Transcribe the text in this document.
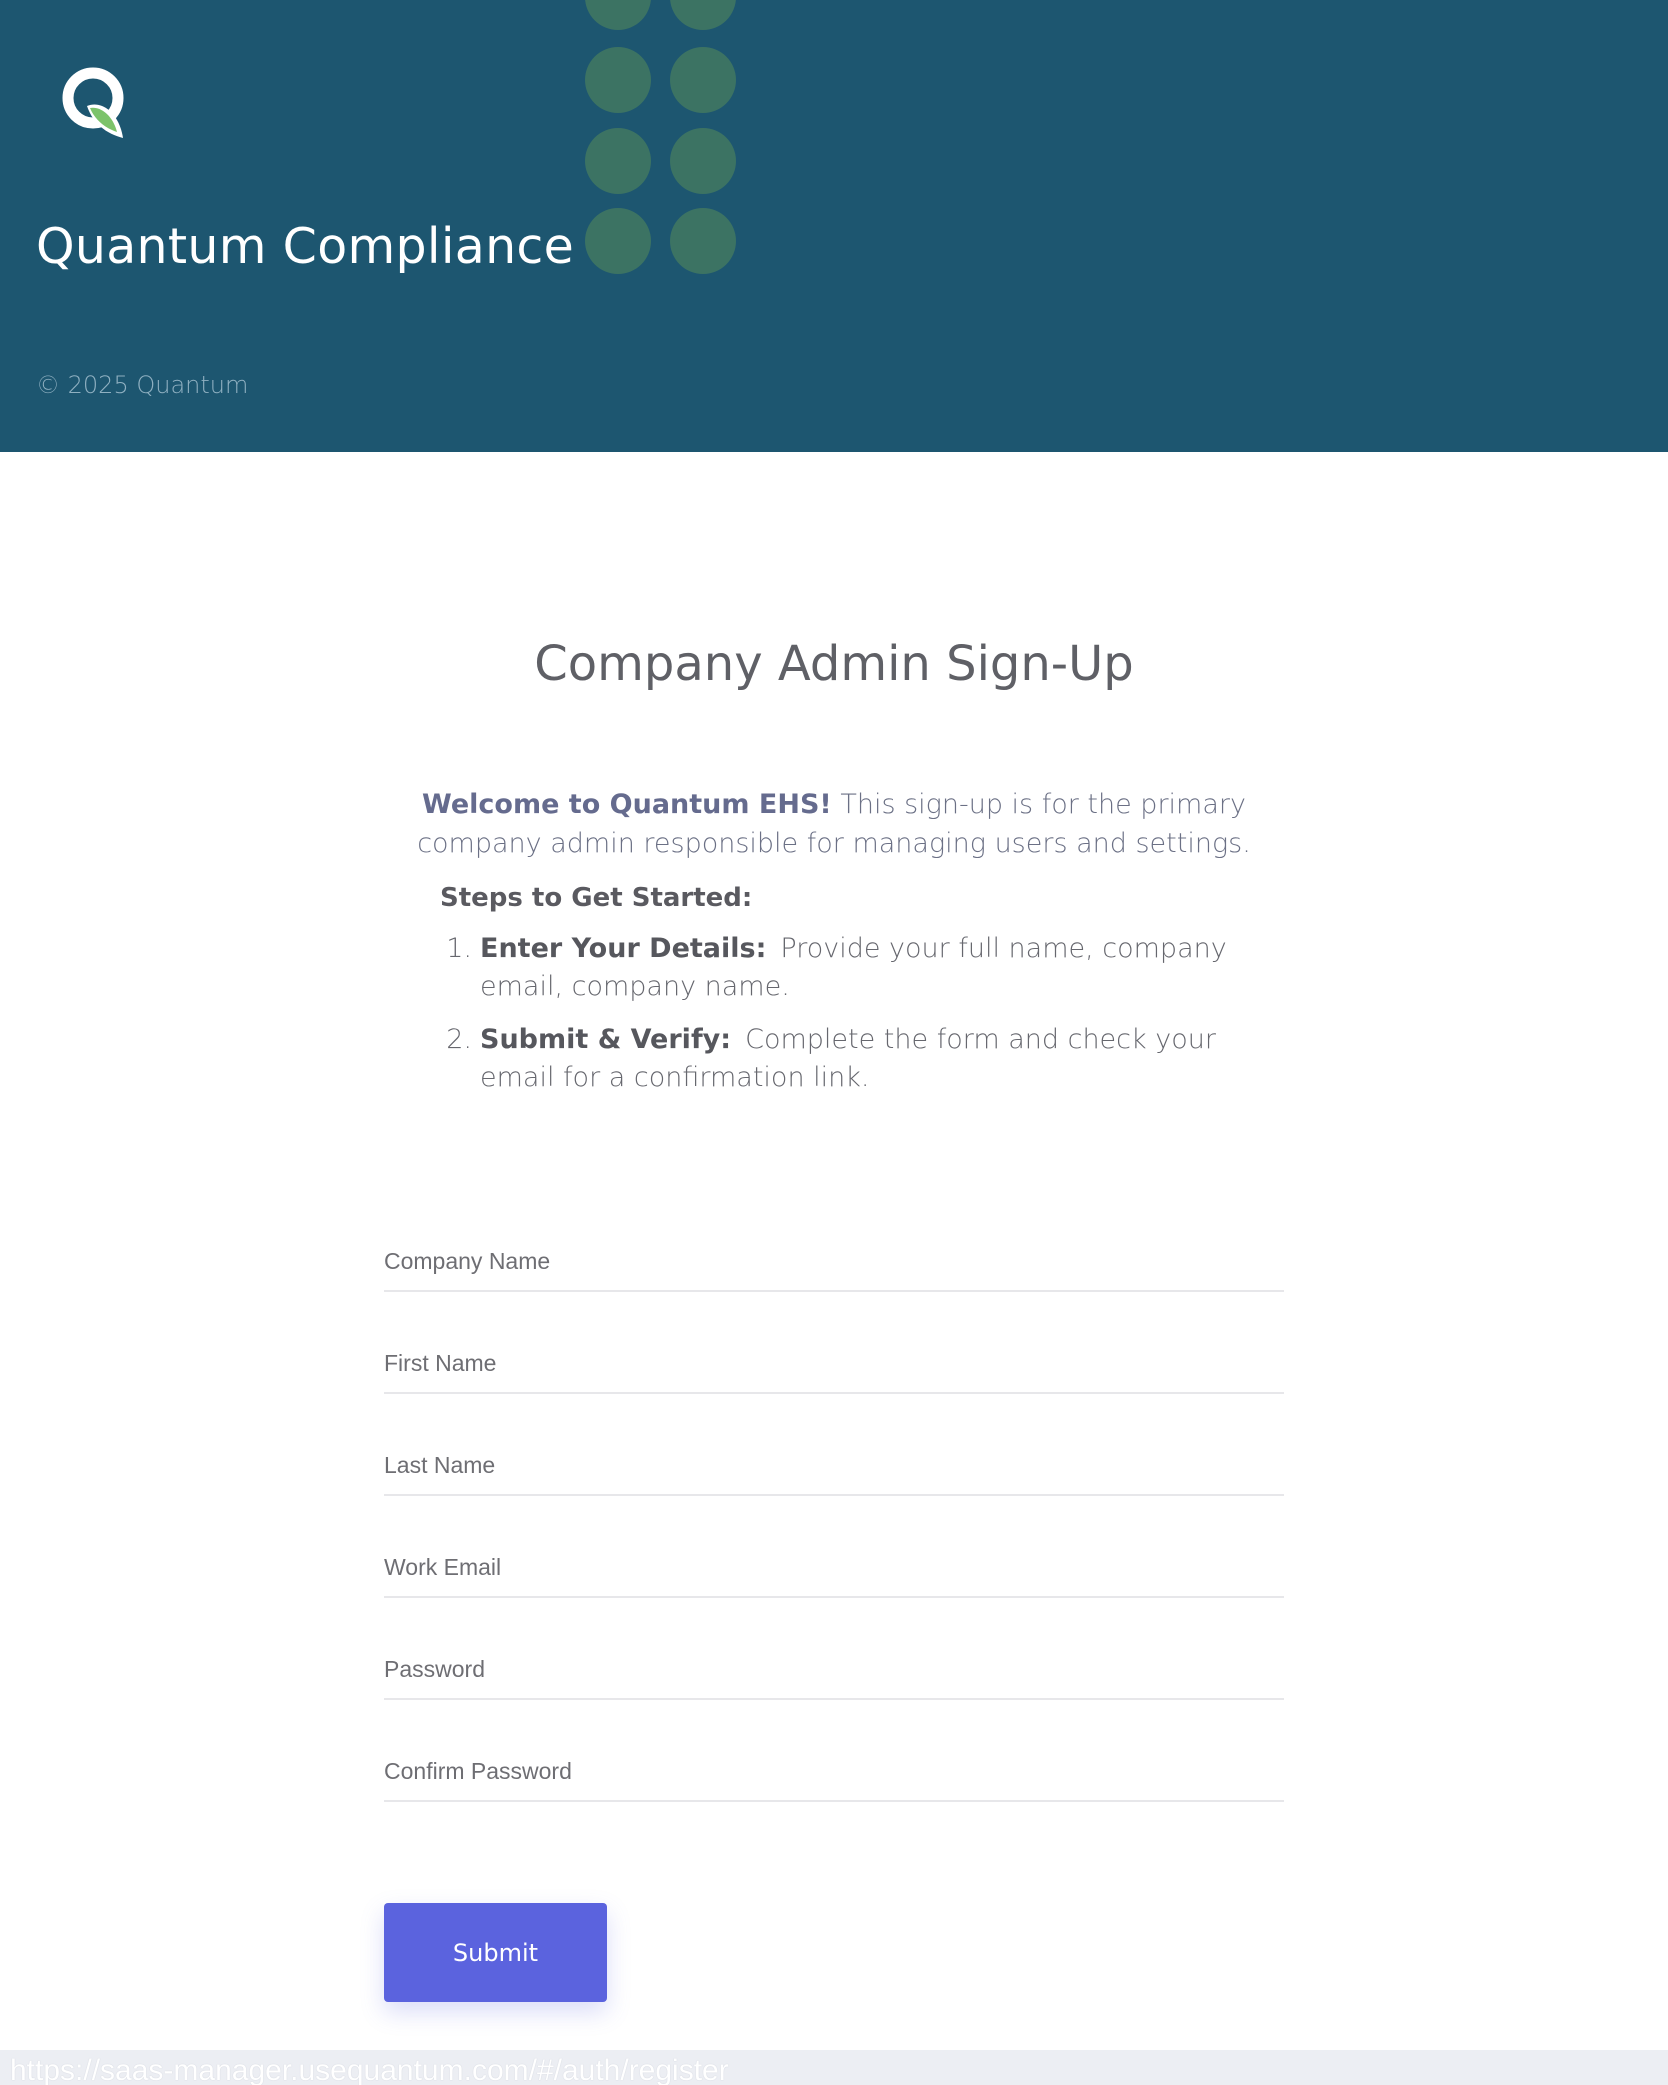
Quantum Compliance
© 2025 Quantum
Company Admin Sign-Up
Welcome to Quantum EHS! This sign-up is for the primary company admin responsible for managing users and settings.
Steps to Get Started:
1. Enter Your Details: Provide your full name, company email, company name.
2. Submit & Verify: Complete the form and check your email for a confirmation link.
Company Name
First Name
Last Name
Work Email
Submit
https://saas-manager.usequantum.com/#/auth/register
